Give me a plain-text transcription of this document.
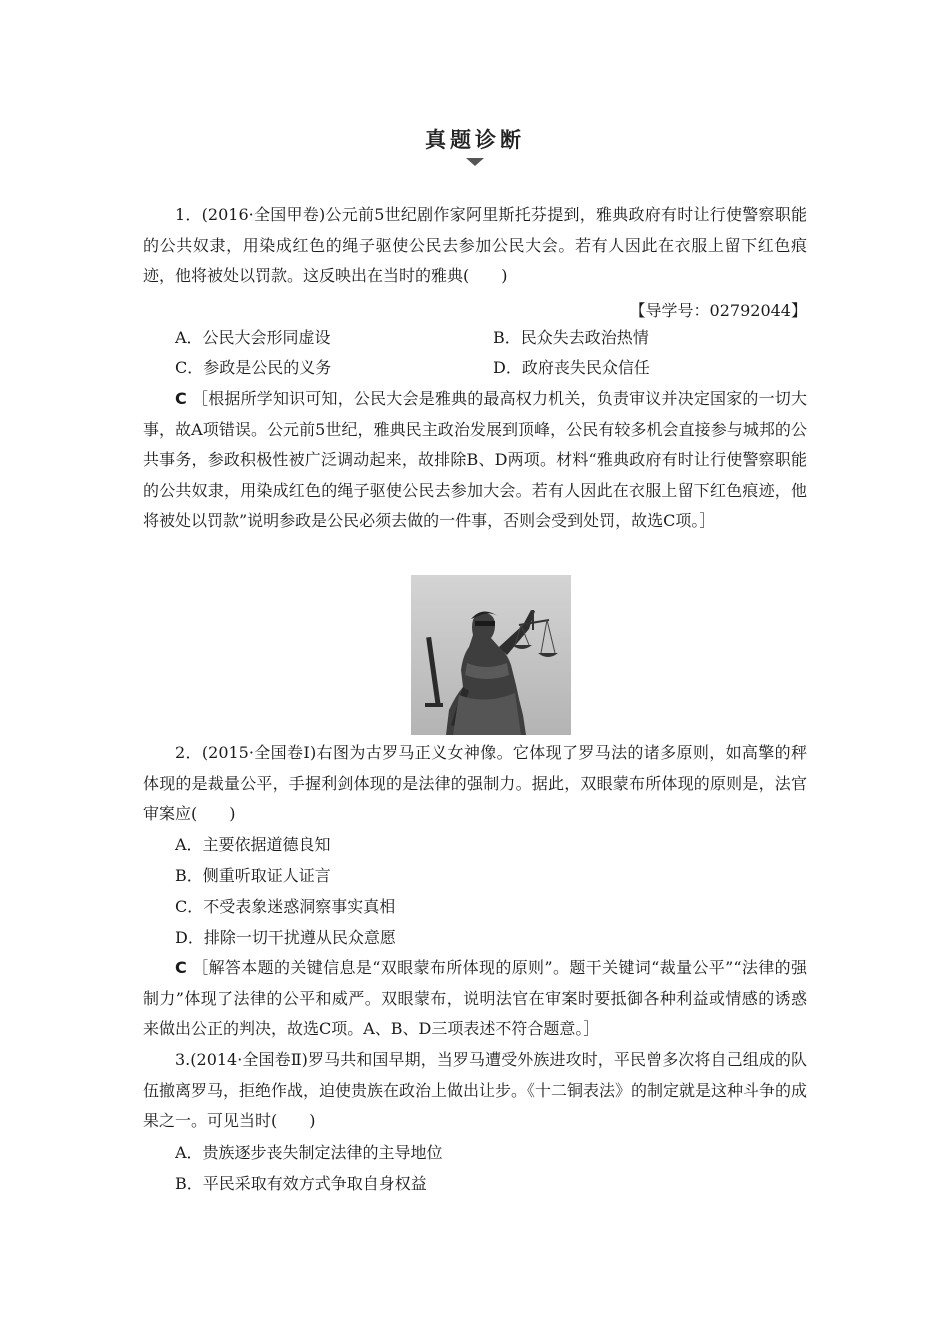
真题诊断
1．(2016·全国甲卷)公元前5世纪剧作家阿里斯托芬提到，雅典政府有时让行使警察职能的公共奴隶，用染成红色的绳子驱使公民去参加公民大会。若有人因此在衣服上留下红色痕迹，他将被处以罚款。这反映出在当时的雅典(　　)
【导学号：02792044】
A．公民大会形同虚设	B．民众失去政治热情
C．参政是公民的义务	D．政府丧失民众信任
C ［根据所学知识可知，公民大会是雅典的最高权力机关，负责审议并决定国家的一切大事，故A项错误。公元前5世纪，雅典民主政治发展到顶峰，公民有较多机会直接参与城邦的公共事务，参政积极性被广泛调动起来，故排除B、D两项。材料“雅典政府有时让行使警察职能的公共奴隶，用染成红色的绳子驱使公民去参加大会。若有人因此在衣服上留下红色痕迹，他将被处以罚款”说明参政是公民必须去做的一件事，否则会受到处罚，故选C项。］
2．(2015·全国卷Ⅰ)右图为古罗马正义女神像。它体现了罗马法的诸多原则，如高擎的秤体现的是裁量公平，手握利剑体现的是法律的强制力。据此，双眼蒙布所体现的原则是，法官审案应(　　)
A．主要依据道德良知
B．侧重听取证人证言
C．不受表象迷惑洞察事实真相
D．排除一切干扰遵从民众意愿
C ［解答本题的关键信息是“双眼蒙布所体现的原则”。题干关键词“裁量公平”“法律的强制力”体现了法律的公平和威严。双眼蒙布，说明法官在审案时要抵御各种利益或情感的诱惑来做出公正的判决，故选C项。A、B、D三项表述不符合题意。］
3.(2014·全国卷Ⅱ)罗马共和国早期，当罗马遭受外族进攻时，平民曾多次将自己组成的队伍撤离罗马，拒绝作战，迫使贵族在政治上做出让步。《十二铜表法》的制定就是这种斗争的成果之一。可见当时(　　)
A．贵族逐步丧失制定法律的主导地位
B．平民采取有效方式争取自身权益
